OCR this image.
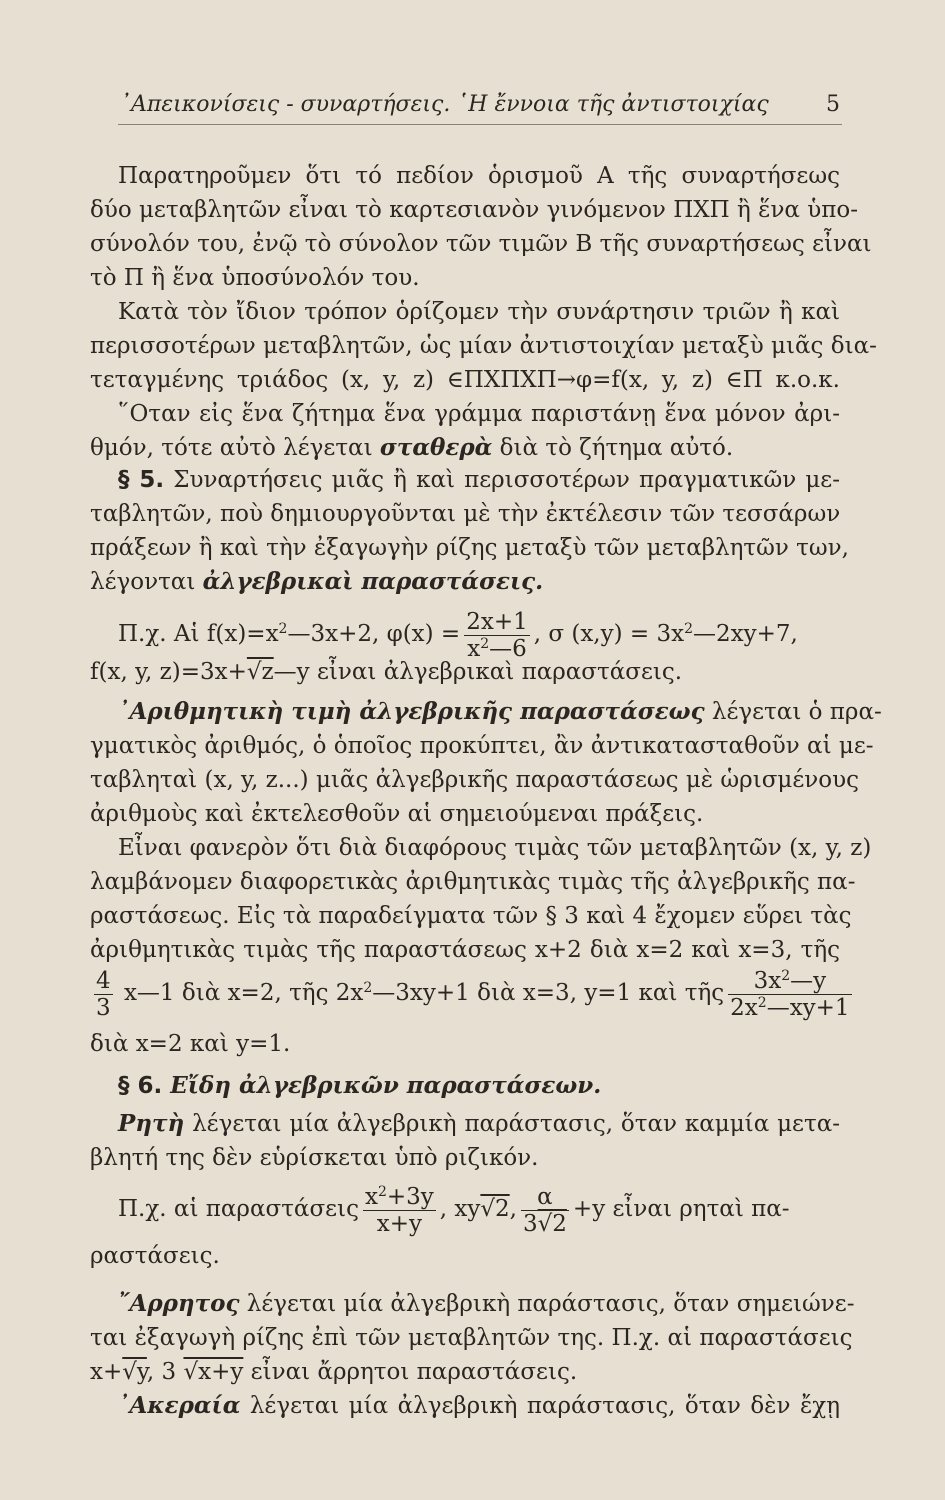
᾿Απεικονίσεις - συναρτήσεις. ῾Η ἔννοια τῆς ἀντιστοιχίας	5
Παρατηροῦμεν ὅτι τό πεδίον ὁρισμοῦ Α τῆς συναρτήσεως
δύο μεταβλητῶν εἶναι τὸ καρτεσιανὸν γινόμενον ΠΧΠ ἢ ἕνα ὑπο-
σύνολόν του, ἐνῷ τὸ σύνολον τῶν τιμῶν Β τῆς συναρτήσεως εἶναι
τὸ Π ἢ ἕνα ὑποσύνολόν του.
Κατὰ τὸν ἴδιον τρόπον ὁρίζομεν τὴν συνάρτησιν τριῶν ἢ καὶ
περισσοτέρων μεταβλητῶν, ὡς μίαν ἀντιστοιχίαν μεταξὺ μιᾶς δια-
τεταγμένης τριάδος (x, y, z) ∈ΠΧΠΧΠ→φ=f(x, y, z) ∈Π κ.ο.κ.
῞Οταν εἰς ἕνα ζήτημα ἕνα γράμμα παριστάνῃ ἕνα μόνον ἀρι-
θμόν, τότε αὐτὸ λέγεται σταθερὰ διὰ τὸ ζήτημα αὐτό.
§ 5. Συναρτήσεις μιᾶς ἢ καὶ περισσοτέρων πραγματικῶν με-
ταβλητῶν, ποὺ δημιουργοῦνται μὲ τὴν ἐκτέλεσιν τῶν τεσσάρων
πράξεων ἢ καὶ τὴν ἐξαγωγὴν ρίζης μεταξὺ τῶν μεταβλητῶν των,
λέγονται ἀλγεβρικαὶ παραστάσεις.
Π.χ. Αἱ $f(x)=x^2—3x+2$, $\varphi(x) = \frac{2x+1}{x^2—6}$ , σ $(x,y) = 3x^2—2xy+7$,
f(x, y, z)=3x+√z—y εἶναι ἀλγεβρικαὶ παραστάσεις.
᾿Αριθμητικὴ τιμὴ ἀλγεβρικῆς παραστάσεως λέγεται ὁ πρα-
γματικὸς ἀριθμός, ὁ ὁποῖος προκύπτει, ἂν ἀντικατασταθοῦν αἱ με-
ταβληταὶ (x, y, z...) μιᾶς ἀλγεβρικῆς παραστάσεως μὲ ὡρισμένους
ἀριθμοὺς καὶ ἐκτελεσθοῦν αἱ σημειούμεναι πράξεις.
Εἶναι φανερὸν ὅτι διὰ διαφόρους τιμὰς τῶν μεταβλητῶν (x, y, z)
λαμβάνομεν διαφορετικὰς ἀριθμητικὰς τιμὰς τῆς ἀλγεβρικῆς πα-
ραστάσεως. Εἰς τὰ παραδείγματα τῶν § 3 καὶ 4 ἔχομεν εὕρει τὰς
ἀριθμητικὰς τιμὰς τῆς παραστάσεως x+2 διὰ x=2 καὶ x=3, τῆς
$\frac{4}{3}$ x—1 διὰ x=2, τῆς $2x^2—3xy+1$ διὰ x=3, y=1 καὶ τῆς $\frac{3x^2—y}{2x^2—xy+1}$
διὰ x=2 καὶ y=1.
§ 6. Εἴδη ἀλγεβρικῶν παραστάσεων.
Ρητὴ λέγεται μία ἀλγεβρικὴ παράστασις, ὅταν καμμία μετα-
βλητή της δὲν εὑρίσκεται ὑπὸ ριζικόν.
Π.χ. αἱ παραστάσεις $\frac{x^2+3y}{x+y}$ , xy√2, $\frac{\alpha}{3√2} +y$ εἶναι ρηταὶ πα-
ραστάσεις.
῎Αρρητος λέγεται μία ἀλγεβρικὴ παράστασις, ὅταν σημειώνε-
ται ἐξαγωγὴ ρίζης ἐπὶ τῶν μεταβλητῶν της. Π.χ. αἱ παραστάσεις
x+√y, 3 √x+y εἶναι ἄρρητοι παραστάσεις.
᾿Ακεραία λέγεται μία ἀλγεβρικὴ παράστασις, ὅταν δὲν ἔχῃ
